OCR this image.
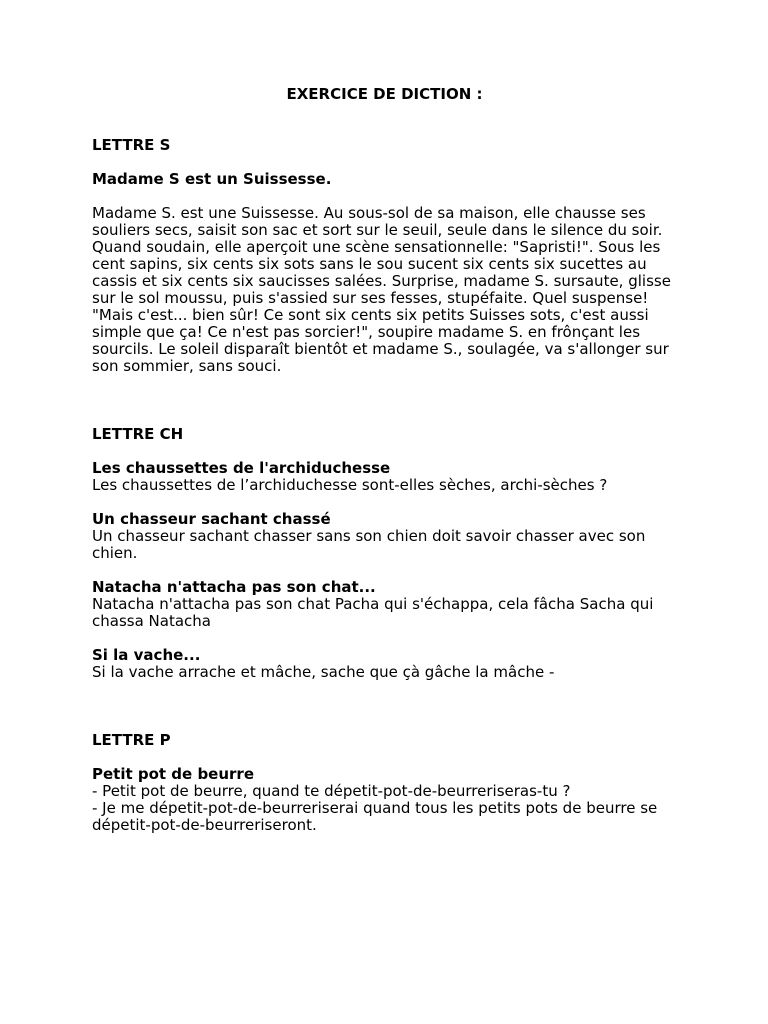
EXERCICE DE DICTION :

LETTRE S

Madame S est un Suissesse.

Madame S. est une Suissesse. Au sous-sol de sa maison, elle chausse ses souliers secs, saisit son sac et sort sur le seuil, seule dans le silence du soir. Quand soudain, elle aperçoit une scène sensationnelle: "Sapristi!". Sous les cent sapins, six cents six sots sans le sou sucent six cents six sucettes au cassis et six cents six saucisses salées. Surprise, madame S. sursaute, glisse sur le sol moussu, puis s'assied sur ses fesses, stupéfaite. Quel suspense! "Mais c'est... bien sûr! Ce sont six cents six petits Suisses sots, c'est aussi simple que ça! Ce n'est pas sorcier!", soupire madame S. en frônçant les sourcils. Le soleil disparaît bientôt et madame S., soulagée, va s'allonger sur son sommier, sans souci.

LETTRE CH

Les chaussettes de l'archiduchesse

Les chaussettes de l’archiduchesse sont-elles sèches, archi-sèches ?

Un chasseur sachant chassé

Un chasseur sachant chasser sans son chien doit savoir chasser avec son chien.

Natacha n'attacha pas son chat...

Natacha n'attacha pas son chat Pacha qui s'échappa, cela fâcha Sacha qui chassa Natacha

Si la vache...

Si la vache arrache et mâche, sache que çà gâche la mâche -

LETTRE P

Petit pot de beurre

- Petit pot de beurre, quand te dépetit-pot-de-beurreriseras-tu ?

- Je me dépetit-pot-de-beurreriserai quand tous les petits pots de beurre se dépetit-pot-de-beurreriseront.
